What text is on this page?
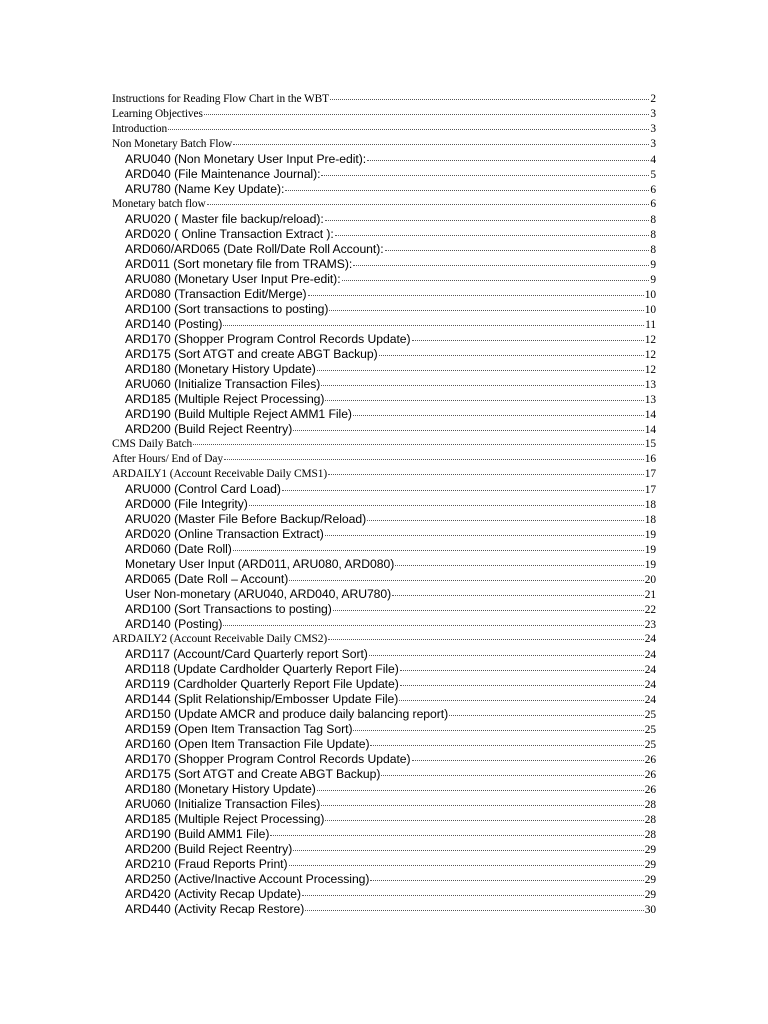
Instructions for Reading Flow Chart in the WBT	2
Learning Objectives	3
Introduction	3
Non Monetary Batch Flow	3
ARU040 (Non Monetary User Input Pre-edit):	4
ARD040 (File Maintenance Journal):	5
ARU780 (Name Key Update):	6
Monetary batch flow	6
ARU020 ( Master file backup/reload):	8
ARD020 ( Online Transaction Extract ):	8
ARD060/ARD065 (Date Roll/Date Roll Account):	8
ARD011 (Sort monetary file from TRAMS):	9
ARU080 (Monetary User Input Pre-edit):	9
ARD080 (Transaction Edit/Merge)	10
ARD100 (Sort transactions to posting)	10
ARD140 (Posting)	11
ARD170 (Shopper Program Control Records Update)	12
ARD175 (Sort ATGT and create ABGT Backup)	12
ARD180 (Monetary History Update)	12
ARU060 (Initialize Transaction Files)	13
ARD185 (Multiple Reject Processing)	13
ARD190 (Build Multiple Reject AMM1 File)	14
ARD200 (Build Reject Reentry)	14
CMS Daily Batch	15
After Hours/ End of Day	16
ARDAILY1 (Account Receivable Daily CMS1)	17
ARU000 (Control Card Load)	17
ARD000 (File Integrity)	18
ARU020 (Master File Before Backup/Reload)	18
ARD020 (Online Transaction Extract)	19
ARD060 (Date Roll)	19
Monetary User Input (ARD011, ARU080, ARD080)	19
ARD065 (Date Roll – Account)	20
User Non-monetary (ARU040, ARD040, ARU780)	21
ARD100 (Sort Transactions to posting)	22
ARD140 (Posting)	23
ARDAILY2 (Account Receivable Daily CMS2)	24
ARD117 (Account/Card Quarterly report Sort)	24
ARD118 (Update Cardholder Quarterly Report File)	24
ARD119 (Cardholder Quarterly Report File Update)	24
ARD144 (Split Relationship/Embosser Update File)	24
ARD150 (Update AMCR and produce daily balancing report)	25
ARD159 (Open Item Transaction Tag Sort)	25
ARD160 (Open Item Transaction File Update)	25
ARD170 (Shopper Program Control Records Update)	26
ARD175 (Sort ATGT and Create ABGT Backup)	26
ARD180 (Monetary History Update)	26
ARU060 (Initialize Transaction Files)	28
ARD185 (Multiple Reject Processing)	28
ARD190 (Build AMM1 File)	28
ARD200 (Build Reject Reentry)	29
ARD210 (Fraud Reports Print)	29
ARD250 (Active/Inactive Account Processing)	29
ARD420 (Activity Recap Update)	29
ARD440 (Activity Recap Restore)	30
